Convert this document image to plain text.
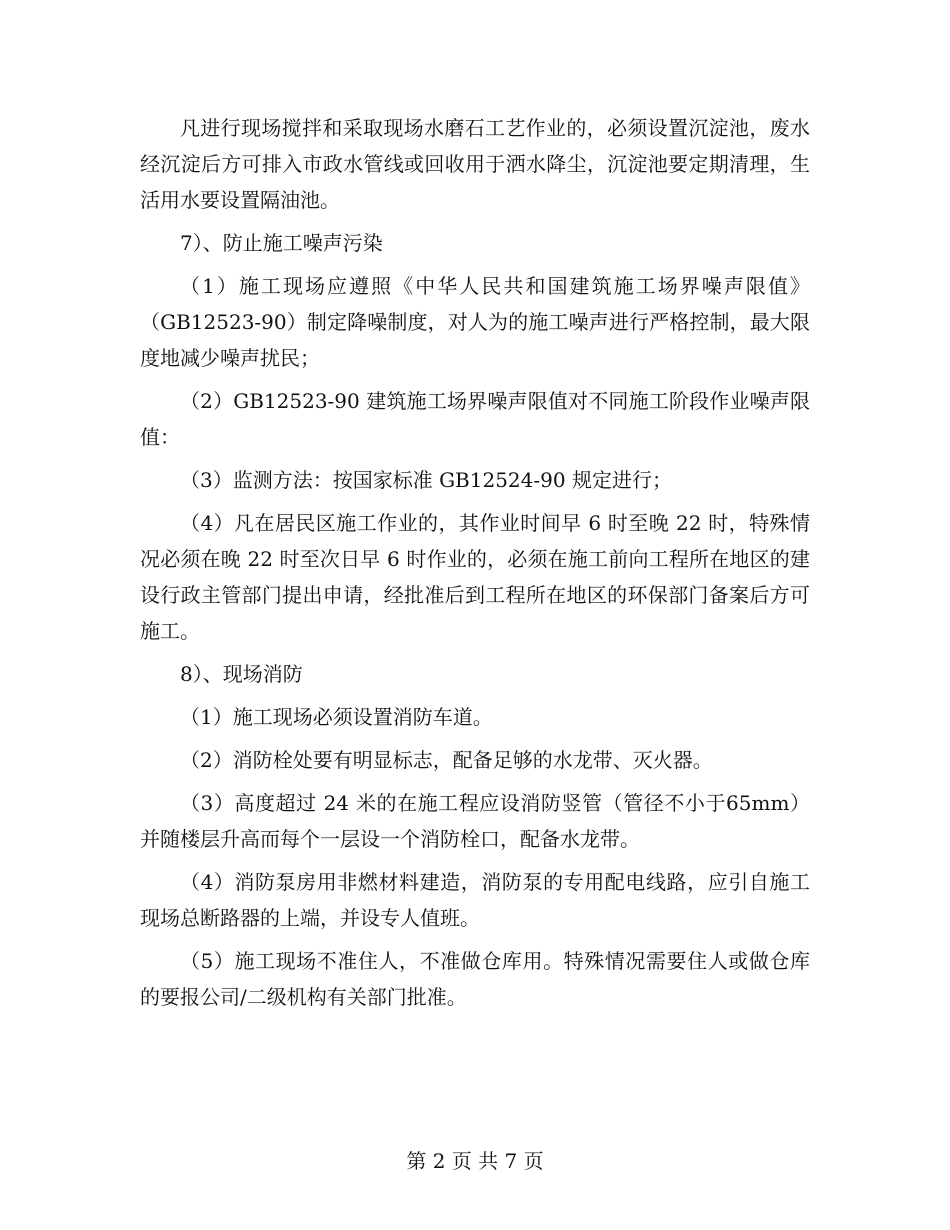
凡进行现场搅拌和采取现场水磨石工艺作业的，必须设置沉淀池，废水经沉淀后方可排入市政水管线或回收用于洒水降尘，沉淀池要定期清理，生活用水要设置隔油池。

7）、防止施工噪声污染

（1）施工现场应遵照《中华人民共和国建筑施工场界噪声限值》（GB12523-90）制定降噪制度，对人为的施工噪声进行严格控制，最大限度地减少噪声扰民；

（2）GB12523-90 建筑施工场界噪声限值对不同施工阶段作业噪声限值：

（3）监测方法：按国家标准 GB12524-90 规定进行；

（4）凡在居民区施工作业的，其作业时间早 6 时至晚 22 时，特殊情况必须在晚 22 时至次日早 6 时作业的，必须在施工前向工程所在地区的建设行政主管部门提出申请，经批准后到工程所在地区的环保部门备案后方可施工。

8）、现场消防

（1）施工现场必须设置消防车道。

（2）消防栓处要有明显标志，配备足够的水龙带、灭火器。

（3）高度超过 24 米的在施工程应设消防竖管（管径不小于65mm）并随楼层升高而每个一层设一个消防栓口，配备水龙带。

（4）消防泵房用非燃材料建造，消防泵的专用配电线路，应引自施工现场总断路器的上端，并设专人值班。

（5）施工现场不准住人，不准做仓库用。特殊情况需要住人或做仓库的要报公司/二级机构有关部门批准。

第 2 页 共 7 页
